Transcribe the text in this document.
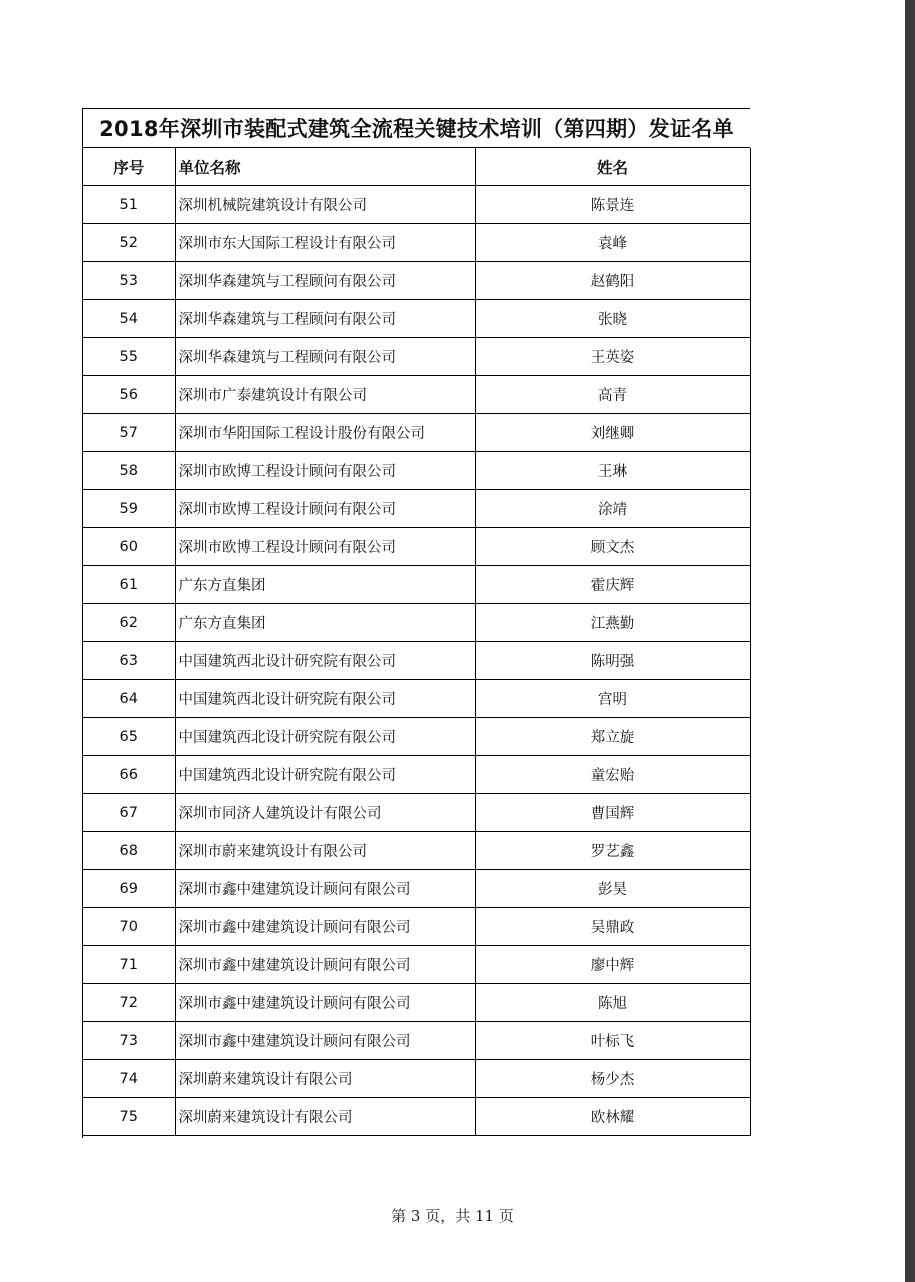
2018年深圳市装配式建筑全流程关键技术培训（第四期）发证名单
序号	单位名称	姓名
51	深圳机械院建筑设计有限公司	陈景连
52	深圳市东大国际工程设计有限公司	袁峰
53	深圳华森建筑与工程顾问有限公司	赵鹤阳
54	深圳华森建筑与工程顾问有限公司	张晓
55	深圳华森建筑与工程顾问有限公司	王英姿
56	深圳市广泰建筑设计有限公司	高青
57	深圳市华阳国际工程设计股份有限公司	刘继卿
58	深圳市欧博工程设计顾问有限公司	王琳
59	深圳市欧博工程设计顾问有限公司	涂靖
60	深圳市欧博工程设计顾问有限公司	顾文杰
61	广东方直集团	霍庆辉
62	广东方直集团	江燕勤
63	中国建筑西北设计研究院有限公司	陈明强
64	中国建筑西北设计研究院有限公司	宫明
65	中国建筑西北设计研究院有限公司	郑立旋
66	中国建筑西北设计研究院有限公司	童宏贻
67	深圳市同济人建筑设计有限公司	曹国辉
68	深圳市蔚来建筑设计有限公司	罗艺鑫
69	深圳市鑫中建建筑设计顾问有限公司	彭昊
70	深圳市鑫中建建筑设计顾问有限公司	吴鼎政
71	深圳市鑫中建建筑设计顾问有限公司	廖中辉
72	深圳市鑫中建建筑设计顾问有限公司	陈旭
73	深圳市鑫中建建筑设计顾问有限公司	叶标飞
74	深圳蔚来建筑设计有限公司	杨少杰
75	深圳蔚来建筑设计有限公司	欧林耀
第 3 页，共 11 页
